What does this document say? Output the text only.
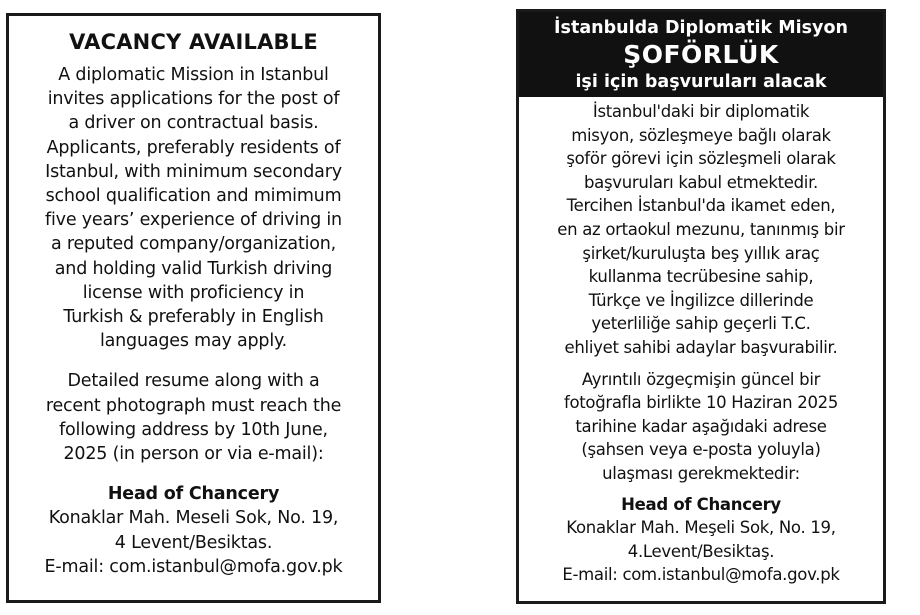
VACANCY AVAILABLE
A diplomatic Mission in Istanbul
invites applications for the post of
a driver on contractual basis.
Applicants, preferably residents of
Istanbul, with minimum secondary
school qualification and mimimum
five years’ experience of driving in
a reputed company/organization,
and holding valid Turkish driving
license with proficiency in
Turkish & preferably in English
languages may apply.
Detailed resume along with a
recent photograph must reach the
following address by 10th June,
2025 (in person or via e-mail):
Head of Chancery
Konaklar Mah. Meseli Sok, No. 19,
4 Levent/Besiktas.
E-mail: com.istanbul@mofa.gov.pk
İstanbulda Diplomatik Misyon
ŞOFÖRLÜK
işi için başvuruları alacak
İstanbul'daki bir diplomatik
misyon, sözleşmeye bağlı olarak
şoför görevi için sözleşmeli olarak
başvuruları kabul etmektedir.
Tercihen İstanbul'da ikamet eden,
en az ortaokul mezunu, tanınmış bir
şirket/kuruluşta beş yıllık araç
kullanma tecrübesine sahip,
Türkçe ve İngilizce dillerinde
yeterliliğe sahip geçerli T.C.
ehliyet sahibi adaylar başvurabilir.
Ayrıntılı özgeçmişin güncel bir
fotoğrafla birlikte 10 Haziran 2025
tarihine kadar aşağıdaki adrese
(şahsen veya e-posta yoluyla)
ulaşması gerekmektedir:
Head of Chancery
Konaklar Mah. Meşeli Sok, No. 19,
4.Levent/Besiktaş.
E-mail: com.istanbul@mofa.gov.pk
